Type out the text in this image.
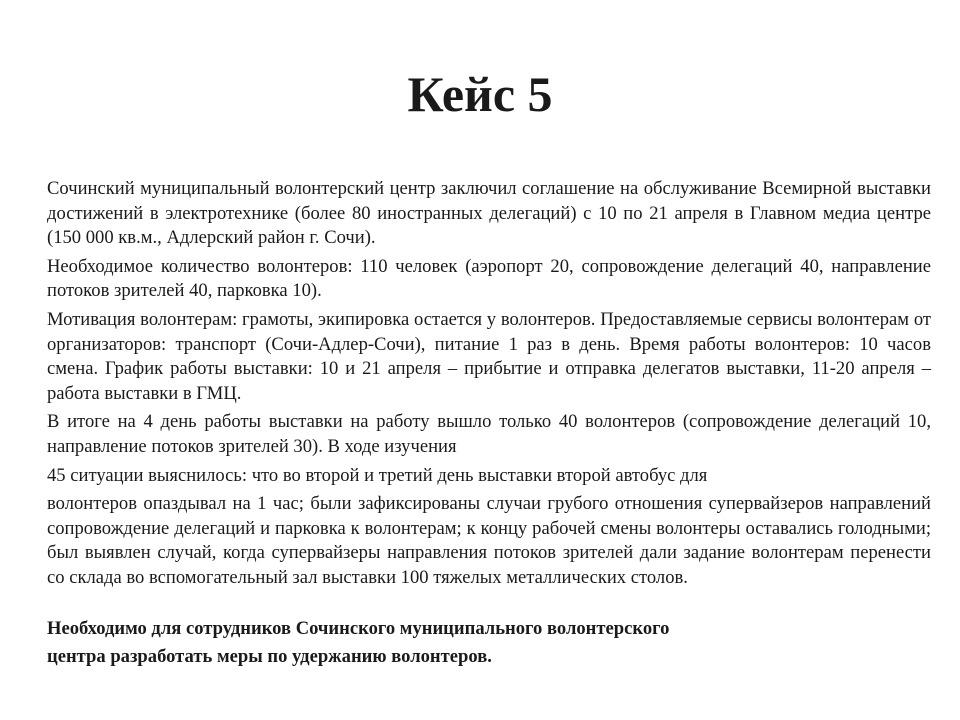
Кейс 5

Сочинский муниципальный волонтерский центр заключил соглашение на обслуживание Всемирной выставки достижений в электротехнике (более 80 иностранных делегаций) с 10 по 21 апреля в Главном медиа центре (150 000 кв.м., Адлерский район г. Сочи).

Необходимое количество волонтеров: 110 человек (аэропорт 20, сопровождение делегаций 40, направление потоков зрителей 40, парковка 10).

Мотивация волонтерам: грамоты, экипировка остается у волонтеров. Предоставляемые сервисы волонтерам от организаторов: транспорт (Сочи-Адлер-Сочи), питание 1 раз в день. Время работы волонтеров: 10 часов смена. График работы выставки: 10 и 21 апреля – прибытие и отправка делегатов выставки, 11-20 апреля – работа выставки в ГМЦ.

В итоге на 4 день работы выставки на работу вышло только 40 волонтеров (сопровождение делегаций 10, направление потоков зрителей 30). В ходе изучения

45 ситуации выяснилось: что во второй и третий день выставки второй автобус для

волонтеров опаздывал на 1 час; были зафиксированы случаи грубого отношения супервайзеров направлений сопровождение делегаций и парковка к волонтерам; к концу рабочей смены волонтеры оставались голодными; был выявлен случай, когда супервайзеры направления потоков зрителей дали задание волонтерам перенести со склада во вспомогательный зал выставки 100 тяжелых металлических столов.

Необходимо для сотрудников Сочинского муниципального волонтерского

центра разработать меры по удержанию волонтеров.
